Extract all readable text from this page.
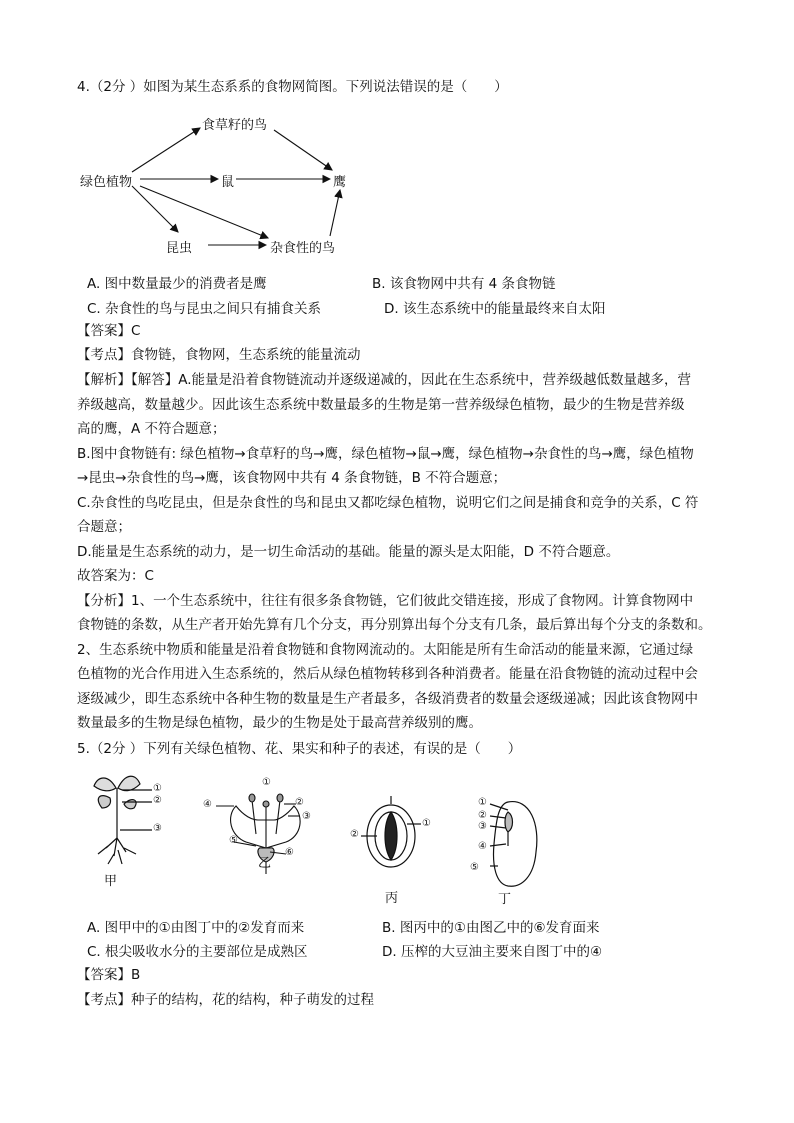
4.（2分 ）如图为某生态系系的食物网简图。下列说法错误的是（　　）
食草籽的鸟
绿色植物	鼠	鹰
昆虫	杂食性的鸟
A. 图中数量最少的消费者是鹰	B. 该食物网中共有 4 条食物链
C. 杂食性的鸟与昆虫之间只有捕食关系	D. 该生态系统中的能量最终来自太阳
【答案】C
【考点】食物链，食物网，生态系统的能量流动
【解析】【解答】A.能量是沿着食物链流动并逐级递减的，因此在生态系统中，营养级越低数量越多，营
养级越高，数量越少。因此该生态系统中数量最多的生物是第一营养级绿色植物，最少的生物是营养级
高的鹰，A 不符合题意；
B.图中食物链有: 绿色植物→食草籽的鸟→鹰，绿色植物→鼠→鹰，绿色植物→杂食性的鸟→鹰，绿色植物
→昆虫→杂食性的鸟→鹰，该食物网中共有 4 条食物链，B 不符合题意；
C.杂食性的鸟吃昆虫，但是杂食性的鸟和昆虫又都吃绿色植物，说明它们之间是捕食和竞争的关系，C 符
合题意；
D.能量是生态系统的动力，是一切生命活动的基础。能量的源头是太阳能，D 不符合题意。
故答案为：C
【分析】1、一个生态系统中，往往有很多条食物链，它们彼此交错连接，形成了食物网。计算食物网中
食物链的条数，从生产者开始先算有几个分支，再分别算出每个分支有几条，最后算出每个分支的条数和。
2、生态系统中物质和能量是沿着食物链和食物网流动的。太阳能是所有生命活动的能量来源，它通过绿
色植物的光合作用进入生态系统的，然后从绿色植物转移到各种消费者。能量在沿食物链的流动过程中会
逐级减少，即生态系统中各种生物的数量是生产者最多，各级消费者的数量会逐级递减；因此该食物网中
数量最多的生物是绿色植物，最少的生物是处于最高营养级别的鹰。
5.（2分 ）下列有关绿色植物、花、果实和种子的表述，有误的是（　　）
①
②
③
甲
④
①
②
③
⑤
⑥
乙
①
②
丙
①
②
③
④
⑤
丁
A. 图甲中的①由图丁中的②发育而来	B. 图丙中的①由图乙中的⑥发育面来
C. 根尖吸收水分的主要部位是成熟区	D. 压榨的大豆油主要来自图丁中的④
【答案】B
【考点】种子的结构，花的结构，种子萌发的过程
